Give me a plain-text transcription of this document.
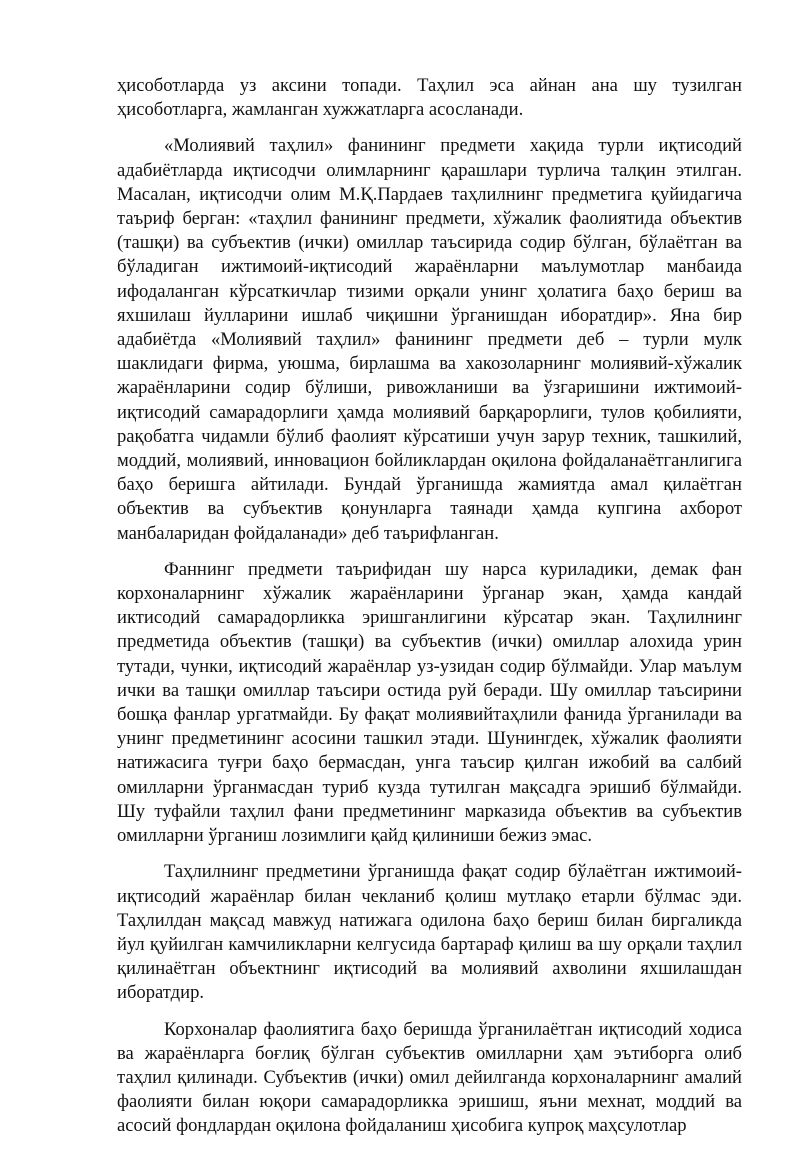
ҳисоботларда уз аксини топади. Таҳлил эса айнан ана шу тузилган ҳисоботларга, жамланган хужжатларга асосланади.

«Молиявий таҳлил» фанининг предмети хақида турли иқтисодий адабиётларда иқтисодчи олимларнинг қарашлари турлича талқин этилган. Масалан, иқтисодчи олим М.Қ.Пардаев таҳлилнинг предметига қуйидагича таъриф берган: «таҳлил фанининг предмети, хўжалик фаолиятида объектив (ташқи) ва субъектив (ички) омиллар таъсирида содир бўлган, бўлаётган ва бўладиган ижтимоий-иқтисодий жараёнларни маълумотлар манбаида ифодаланган кўрсаткичлар тизими орқали унинг ҳолатига баҳо бериш ва яхшилаш йулларини ишлаб чиқишни ўрганишдан иборатдир». Яна бир адабиётда «Молиявий таҳлил» фанининг предмети деб – турли мулк шаклидаги фирма, уюшма, бирлашма ва хакозоларнинг молиявий-хўжалик жараёнларини содир бўлиши, ривожланиши ва ўзгаришини ижтимоий-иқтисодий самарадорлиги ҳамда молиявий барқарорлиги, тулов қобилияти, рақобатга чидамли бўлиб фаолият кўрсатиши учун зарур техник, ташкилий, моддий, молиявий, инновацион бойликлардан оқилона фойдаланаётганлигига баҳо беришга айтилади. Бундай ўрганишда жамиятда амал қилаётган объектив ва субъектив қонунларга таянади ҳамда купгина ахборот манбаларидан фойдаланади» деб таърифланган.

Фаннинг предмети таърифидан шу нарса куриладики, демак фан корхоналарнинг хўжалик жараёнларини ўрганар экан, ҳамда кандай иктисодий самарадорликка эришганлигини кўрсатар экан. Таҳлилнинг предметида объектив (ташқи) ва субъектив (ички) омиллар алохида урин тутади, чунки, иқтисодий жараёнлар уз-узидан содир бўлмайди. Улар маълум ички ва ташқи омиллар таъсири остида руй беради. Шу омиллар таъсирини бошқа фанлар ургатмайди. Бу фақат молиявийтаҳлили фанида ўрганилади ва унинг предметининг асосини ташкил этади. Шунингдек, хўжалик фаолияти натижасига туғри баҳо бермасдан, унга таъсир қилган ижобий ва салбий омилларни ўрганмасдан туриб кузда тутилган мақсадга эришиб бўлмайди. Шу туфайли таҳлил фани предметининг марказида объектив ва субъектив омилларни ўрганиш лозимлиги қайд қилиниши бежиз эмас.

Таҳлилнинг предметини ўрганишда фақат содир бўлаётган ижтимоий-иқтисодий жараёнлар билан чекланиб қолиш мутлақо етарли бўлмас эди. Таҳлилдан мақсад мавжуд натижага одилона баҳо бериш билан биргаликда йул қуйилган камчиликларни келгусида бартараф қилиш ва шу орқали таҳлил қилинаётган объектнинг иқтисодий ва молиявий ахволини яхшилашдан иборатдир.

Корхоналар фаолиятига баҳо беришда ўрганилаётган иқтисодий ходиса ва жараёнларга боғлиқ бўлган субъектив омилларни ҳам эътиборга олиб таҳлил қилинади. Субъектив (ички) омил дейилганда корхоналарнинг амалий фаолияти билан юқори самарадорликка эришиш, яъни мехнат, моддий ва асосий фондлардан оқилона фойдаланиш ҳисобига купроқ маҳсулотлар
